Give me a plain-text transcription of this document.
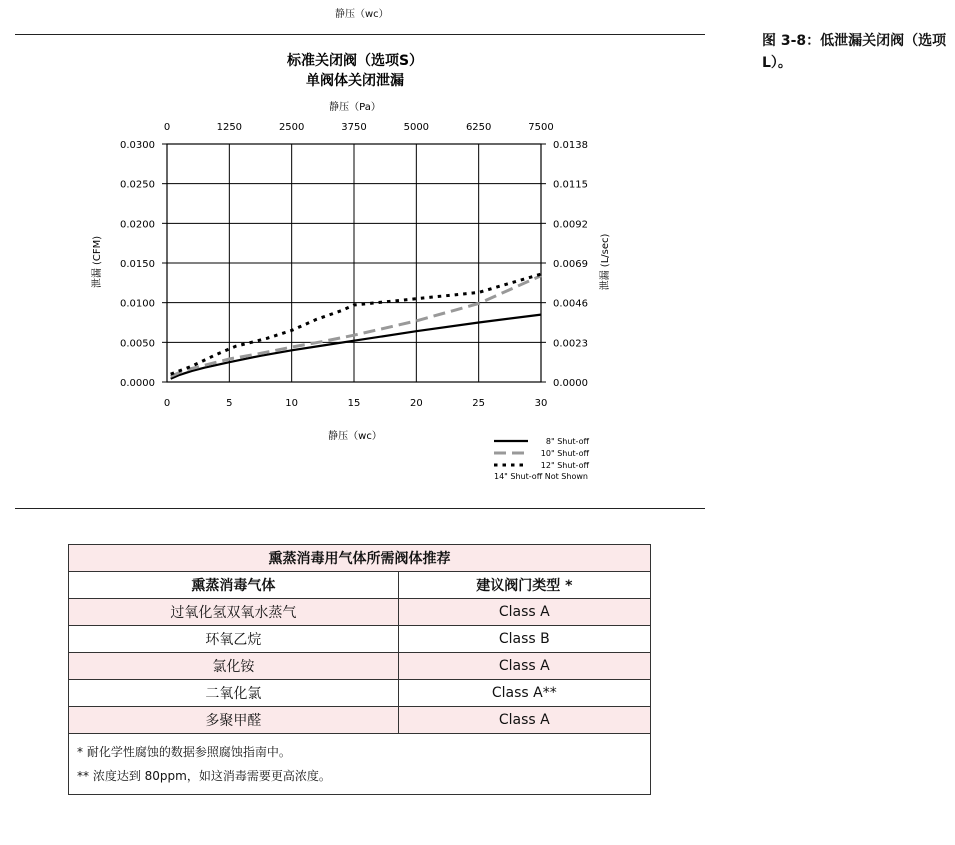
静压（wc）
图 3-8：低泄漏关闭阀（选项 L）。
标准关闭阀（选项S）
单阀体关闭泄漏
静压（Pa）
静压（wc）
泄漏 (CFM)	泄漏 (L/sec)
0
0
5
1250
10
2500
15
3750
20
5000
25
6250
30
7500
0.0000	0.0000
0.0050	0.0023
0.0100	0.0046
0.0150	0.0069
0.0200	0.0092
0.0250	0.0115
0.0300	0.0138
8" Shut-off
10" Shut-off
12" Shut-off
14" Shut-off Not Shown
熏蒸消毒用气体所需阀体推荐	
熏蒸消毒气体	建议阀门类型 *
过氧化氢双氧水蒸气	Class A
环氧乙烷	Class B
氯化铵	Class A
二氧化氯	Class A**
多聚甲醛	Class A

* 耐化学性腐蚀的数据参照腐蚀指南中。
** 浓度达到 80ppm，如这消毒需要更高浓度。	
